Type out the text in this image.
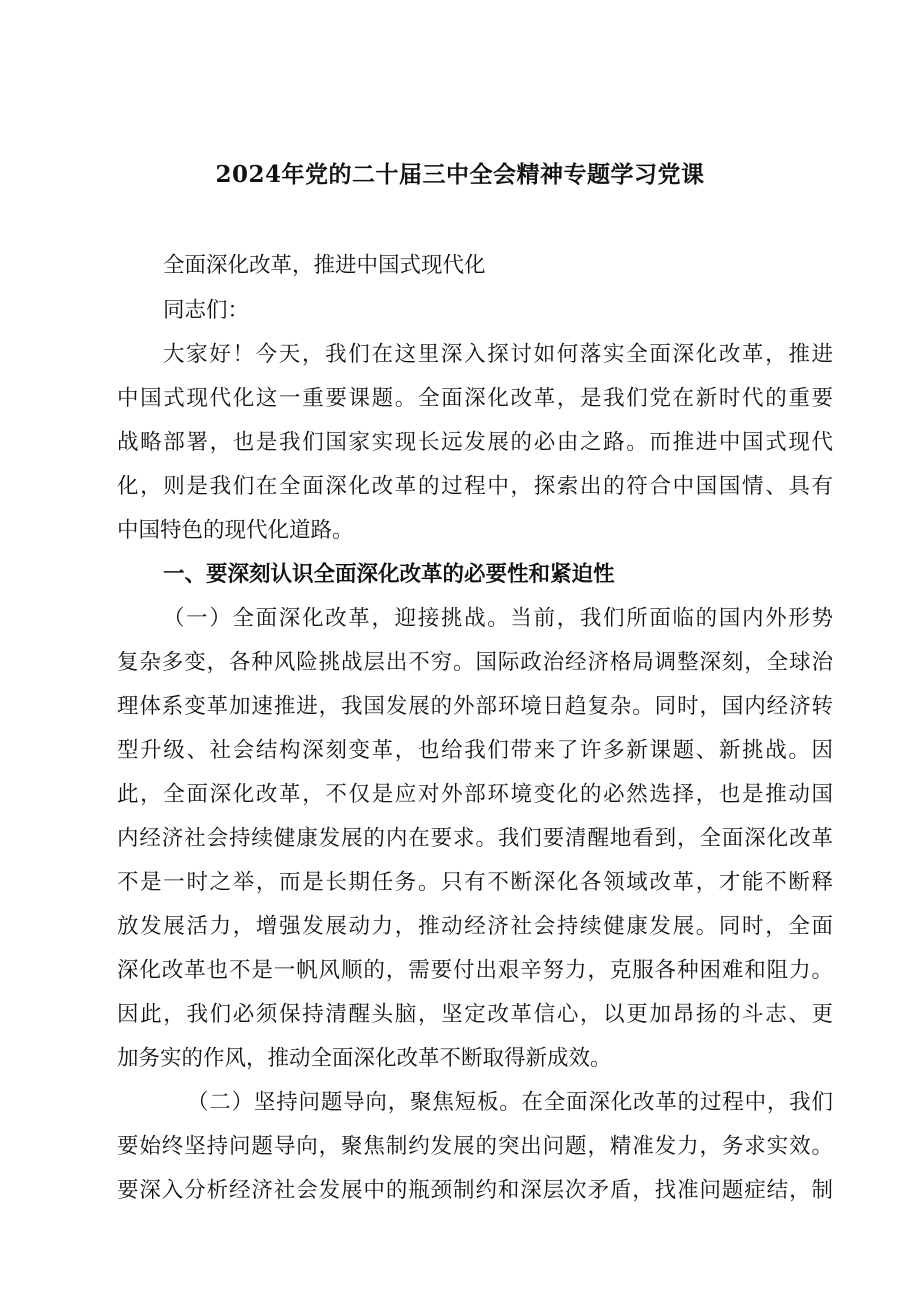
2024年党的二十届三中全会精神专题学习党课
全面深化改革，推进中国式现代化
同志们：
大家好！今天，我们在这里深入探讨如何落实全面深化改革，推进
中国式现代化这一重要课题。全面深化改革，是我们党在新时代的重要
战略部署，也是我们国家实现长远发展的必由之路。而推进中国式现代
化，则是我们在全面深化改革的过程中，探索出的符合中国国情、具有
中国特色的现代化道路。
一、要深刻认识全面深化改革的必要性和紧迫性
（一）全面深化改革，迎接挑战。当前，我们所面临的国内外形势
复杂多变，各种风险挑战层出不穷。国际政治经济格局调整深刻，全球治
理体系变革加速推进，我国发展的外部环境日趋复杂。同时，国内经济转
型升级、社会结构深刻变革，也给我们带来了许多新课题、新挑战。因
此，全面深化改革，不仅是应对外部环境变化的必然选择，也是推动国
内经济社会持续健康发展的内在要求。我们要清醒地看到，全面深化改革
不是一时之举，而是长期任务。只有不断深化各领域改革，才能不断释
放发展活力，增强发展动力，推动经济社会持续健康发展。同时，全面
深化改革也不是一帆风顺的，需要付出艰辛努力，克服各种困难和阻力。
因此，我们必须保持清醒头脑，坚定改革信心，以更加昂扬的斗志、更
加务实的作风，推动全面深化改革不断取得新成效。
（二）坚持问题导向，聚焦短板。在全面深化改革的过程中，我们
要始终坚持问题导向，聚焦制约发展的突出问题，精准发力，务求实效。
要深入分析经济社会发展中的瓶颈制约和深层次矛盾，找准问题症结，制
